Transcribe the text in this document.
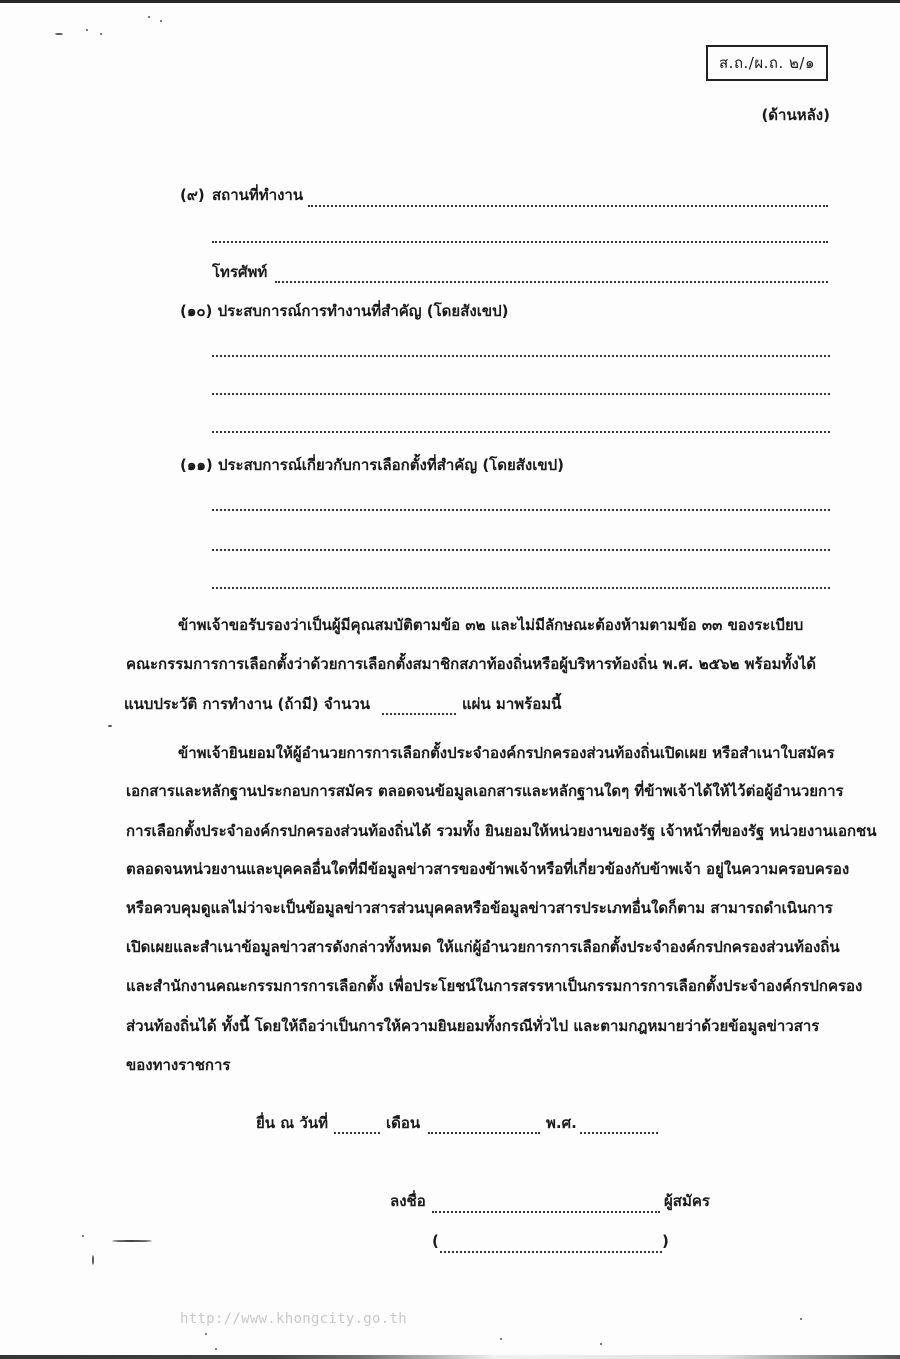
ส.ถ./ผ.ถ. ๒/๑
(ด้านหลัง)
(๙) สถานที่ทำงาน
โทรศัพท์
(๑๐) ประสบการณ์การทำงานที่สำคัญ (โดยสังเขป)
(๑๑) ประสบการณ์เกี่ยวกับการเลือกตั้งที่สำคัญ (โดยสังเขป)
ข้าพเจ้าขอรับรองว่าเป็นผู้มีคุณสมบัติตามข้อ ๓๒ และไม่มีลักษณะต้องห้ามตามข้อ ๓๓ ของระเบียบ
คณะกรรมการการเลือกตั้งว่าด้วยการเลือกตั้งสมาชิกสภาท้องถิ่นหรือผู้บริหารท้องถิ่น พ.ศ. ๒๕๖๒ พร้อมทั้งได้
แนบประวัติ การทำงาน (ถ้ามี) จำนวน	แผ่น มาพร้อมนี้
ข้าพเจ้ายินยอมให้ผู้อำนวยการการเลือกตั้งประจำองค์กรปกครองส่วนท้องถิ่นเปิดเผย หรือสำเนาใบสมัคร
เอกสารและหลักฐานประกอบการสมัคร ตลอดจนข้อมูลเอกสารและหลักฐานใดๆ ที่ข้าพเจ้าได้ให้ไว้ต่อผู้อำนวยการ
การเลือกตั้งประจำองค์กรปกครองส่วนท้องถิ่นได้ รวมทั้ง ยินยอมให้หน่วยงานของรัฐ เจ้าหน้าที่ของรัฐ หน่วยงานเอกชน
ตลอดจนหน่วยงานและบุคคลอื่นใดที่มีข้อมูลข่าวสารของข้าพเจ้าหรือที่เกี่ยวข้องกับข้าพเจ้า อยู่ในความครอบครอง
หรือควบคุมดูแลไม่ว่าจะเป็นข้อมูลข่าวสารส่วนบุคคลหรือข้อมูลข่าวสารประเภทอื่นใดก็ตาม สามารถดำเนินการ
เปิดเผยและสำเนาข้อมูลข่าวสารดังกล่าวทั้งหมด ให้แก่ผู้อำนวยการการเลือกตั้งประจำองค์กรปกครองส่วนท้องถิ่น
และสำนักงานคณะกรรมการการเลือกตั้ง เพื่อประโยชน์ในการสรรหาเป็นกรรมการการเลือกตั้งประจำองค์กรปกครอง
ส่วนท้องถิ่นได้ ทั้งนี้ โดยให้ถือว่าเป็นการให้ความยินยอมทั้งกรณีทั่วไป และตามกฎหมายว่าด้วยข้อมูลข่าวสาร
ของทางราชการ
ยื่น ณ วันที่	เดือน	พ.ศ.
ลงชื่อ	ผู้สมัคร
(	)
http://www.khongcity.go.th
